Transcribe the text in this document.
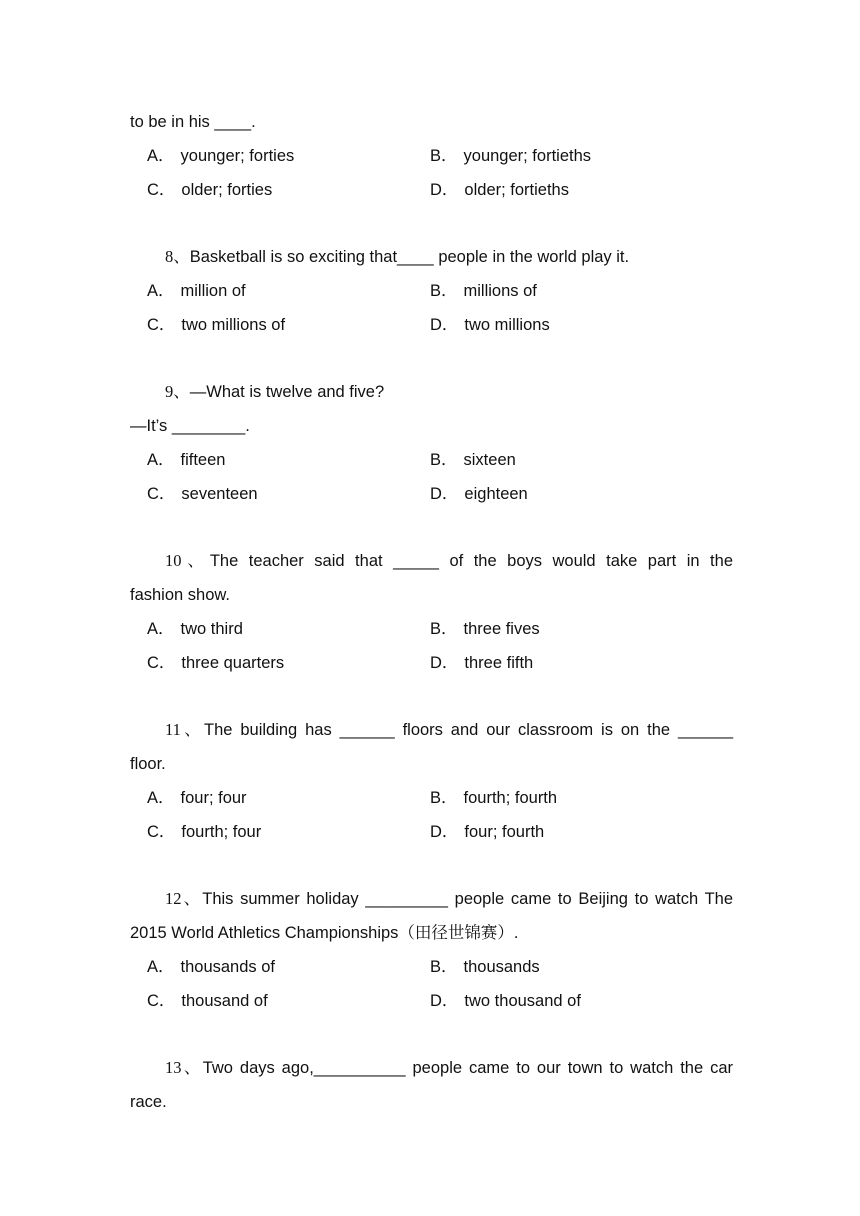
to be in his ____.
A． younger; forties	B． younger; fortieths
C． older; forties	D． older; fortieths
8、Basketball is so exciting that____ people in the world play it.
A． million of	B． millions of
C． two millions of	D． two millions
9、—What is twelve and five?
—It’s ________.
A． fifteen	B． sixteen
C． seventeen	D． eighteen
10、The teacher said that _____ of the boys would take part in the
fashion show.
A． two third	B． three fives
C． three quarters	D． three fifth
11、The building has ______ floors and our classroom is on the ______
floor.
A． four; four	B． fourth; fourth
C． fourth; four	D． four; fourth
12、This summer holiday _________ people came to Beijing to watch The
2015 World Athletics Championships（田径世锦赛）.
A． thousands of	B． thousands
C． thousand of	D． two thousand of
13、Two days ago,__________ people came to our town to watch the car
race.
